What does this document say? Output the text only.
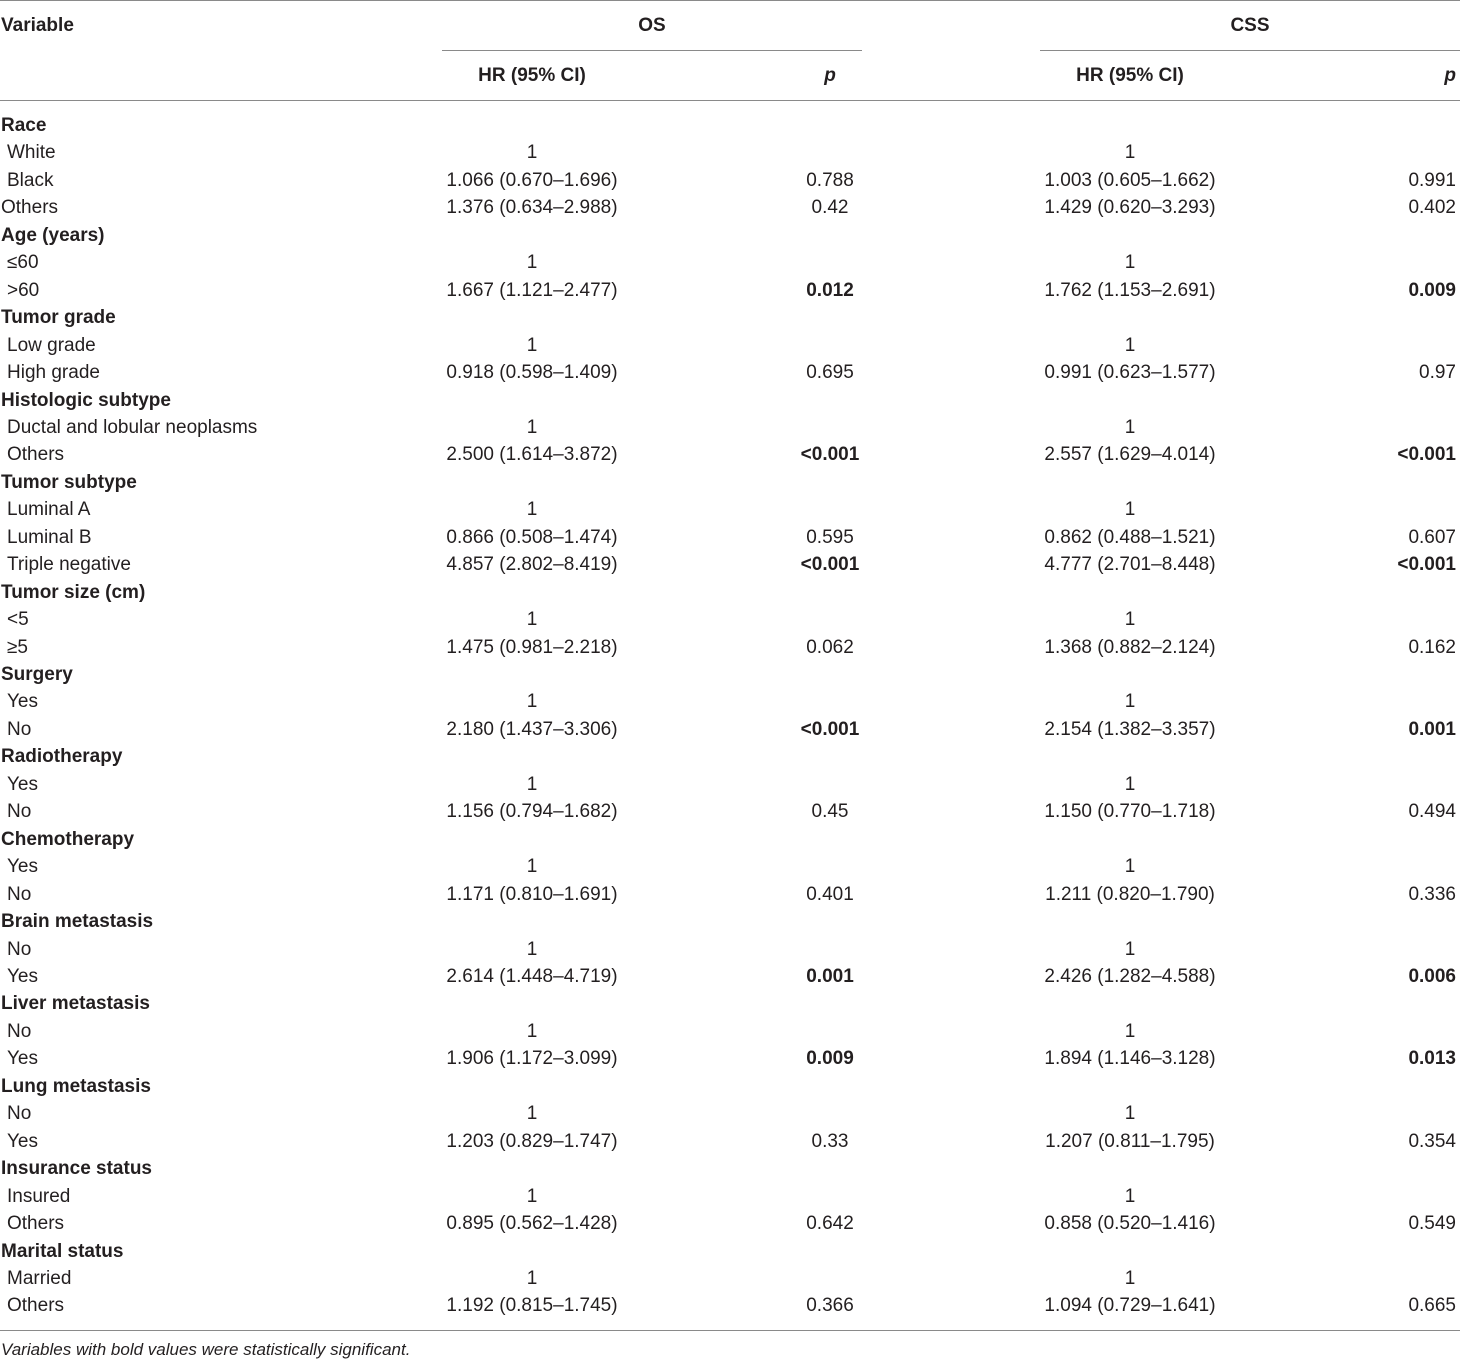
Variable	OS	CSS
HR (95% CI)	p	HR (95% CI)	p
Race
White	1	1
Black	1.066 (0.670–1.696)	0.788	1.003 (0.605–1.662)	0.991
Others	1.376 (0.634–2.988)	0.42	1.429 (0.620–3.293)	0.402
Age (years)
≤60	1	1
>60	1.667 (1.121–2.477)	0.012	1.762 (1.153–2.691)	0.009
Tumor grade
Low grade	1	1
High grade	0.918 (0.598–1.409)	0.695	0.991 (0.623–1.577)	0.97
Histologic subtype
Ductal and lobular neoplasms	1	1
Others	2.500 (1.614–3.872)	<0.001	2.557 (1.629–4.014)	<0.001
Tumor subtype
Luminal A	1	1
Luminal B	0.866 (0.508–1.474)	0.595	0.862 (0.488–1.521)	0.607
Triple negative	4.857 (2.802–8.419)	<0.001	4.777 (2.701–8.448)	<0.001
Tumor size (cm)
<5	1	1
≥5	1.475 (0.981–2.218)	0.062	1.368 (0.882–2.124)	0.162
Surgery
Yes	1	1
No	2.180 (1.437–3.306)	<0.001	2.154 (1.382–3.357)	0.001
Radiotherapy
Yes	1	1
No	1.156 (0.794–1.682)	0.45	1.150 (0.770–1.718)	0.494
Chemotherapy
Yes	1	1
No	1.171 (0.810–1.691)	0.401	1.211 (0.820–1.790)	0.336
Brain metastasis
No	1	1
Yes	2.614 (1.448–4.719)	0.001	2.426 (1.282–4.588)	0.006
Liver metastasis
No	1	1
Yes	1.906 (1.172–3.099)	0.009	1.894 (1.146–3.128)	0.013
Lung metastasis
No	1	1
Yes	1.203 (0.829–1.747)	0.33	1.207 (0.811–1.795)	0.354
Insurance status
Insured	1	1
Others	0.895 (0.562–1.428)	0.642	0.858 (0.520–1.416)	0.549
Marital status
Married	1	1
Others	1.192 (0.815–1.745)	0.366	1.094 (0.729–1.641)	0.665
Variables with bold values were statistically significant.
